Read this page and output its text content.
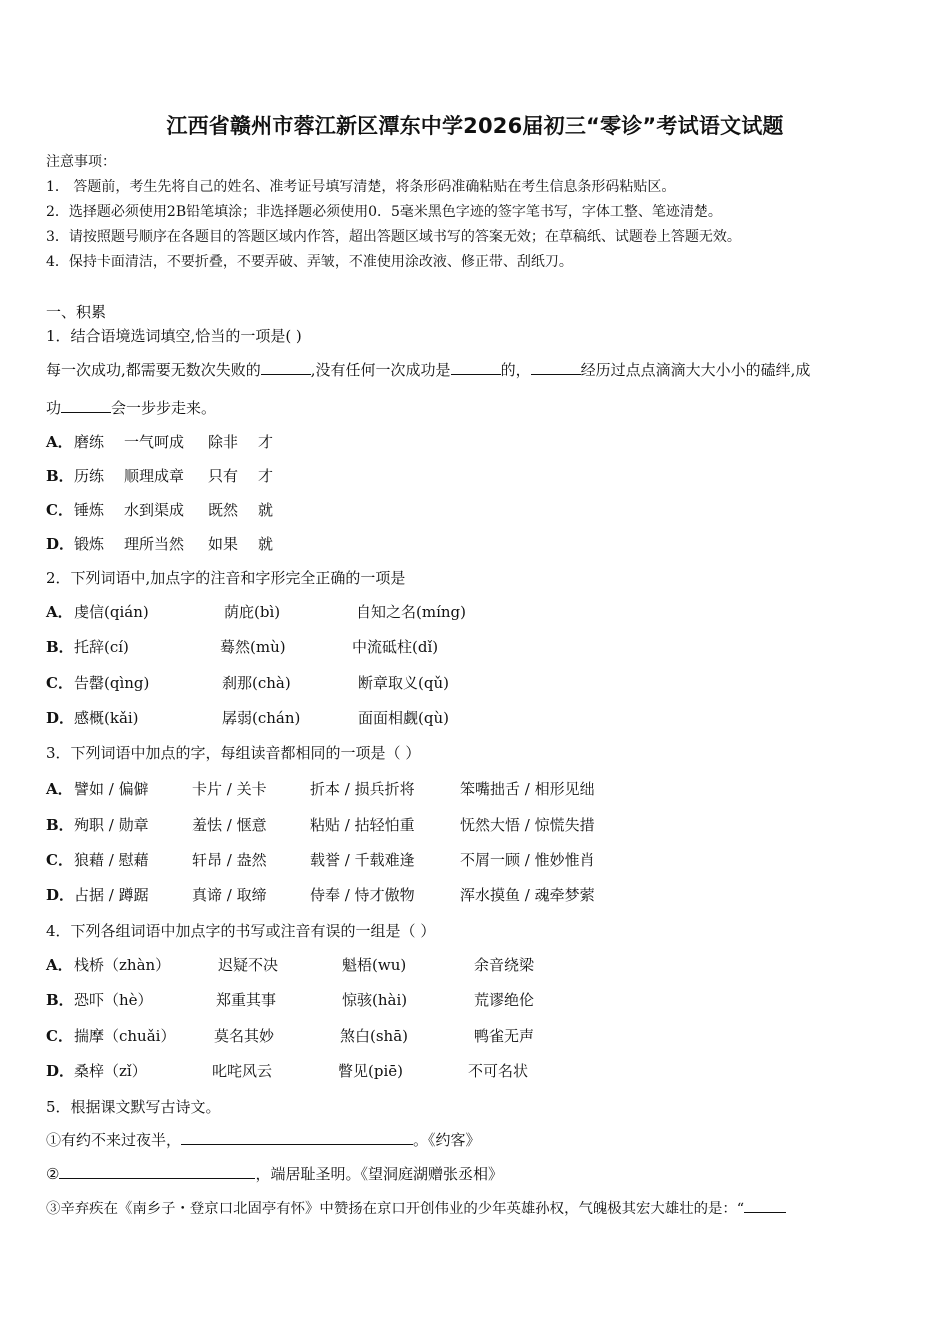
江西省赣州市蓉江新区潭东中学2026届初三“零诊”考试语文试题
注意事项：
1． 答题前，考生先将自己的姓名、准考证号填写清楚，将条形码准确粘贴在考生信息条形码粘贴区。
2．选择题必须使用2B铅笔填涂；非选择题必须使用0．5毫米黑色字迹的签字笔书写，字体工整、笔迹清楚。
3．请按照题号顺序在各题目的答题区域内作答，超出答题区域书写的答案无效；在草稿纸、试题卷上答题无效。
4．保持卡面清洁，不要折叠，不要弄破、弄皱，不准使用涂改液、修正带、刮纸刀。
一、积累
1．结合语境选词填空,恰当的一项是( )
每一次成功,都需要无数次失败的	,没有任何一次成功是	的，	经历过点点滴滴大大小小的磕绊,成
功	会一步步走来。
A． 磨练 一气呵成 除非 才
B． 历练 顺理成章 只有 才
C． 锤炼 水到渠成 既然 就
D． 锻炼 理所当然 如果 就
2．下列词语中,加点字的注音和字形完全正确的一项是
A． 虔信(qián)	荫庇(bì)	自知之名(míng)
B． 托辞(cí)	蓦然(mù)	中流砥柱(dǐ)
C． 告罄(qìng)	刹那(chà)	断章取义(qǔ)
D． 感概(kǎi)	孱弱(chán)	面面相觑(qù)
3．下列词语中加点的字，每组读音都相同的一项是（ ）
A． 譬如 / 偏僻	卡片 / 关卡	折本 / 损兵折将	笨嘴拙舌 / 相形见绌
B． 殉职 / 勋章	羞怯 / 惬意	粘贴 / 拈轻怕重	怃然大悟 / 惊慌失措
C． 狼藉 / 慰藉	轩昂 / 盎然	载誉 / 千载难逢	不屑一顾 / 惟妙惟肖
D． 占据 / 蹲踞	真谛 / 取缔	侍奉 / 恃才傲物	浑水摸鱼 / 魂牵梦萦
4．下列各组词语中加点字的书写或注音有误的一组是（ ）
A． 栈桥（zhàn）	迟疑不决	魁梧(wu)	余音绕梁
B． 恐吓（hè）	郑重其事	惊骇(hài)	荒谬绝伦
C． 揣摩（chuǎi）	莫名其妙	煞白(shā)	鸭雀无声
D． 桑梓（zǐ）	叱咤风云	瞥见(piē)	不可名状
5．根据课文默写古诗文。
①有约不来过夜半，	。《约客》
②	，端居耻圣明。《望洞庭湖赠张丞相》
③辛弃疾在《南乡子・登京口北固亭有怀》中赞扬在京口开创伟业的少年英雄孙权，气魄极其宏大雄壮的是：“
